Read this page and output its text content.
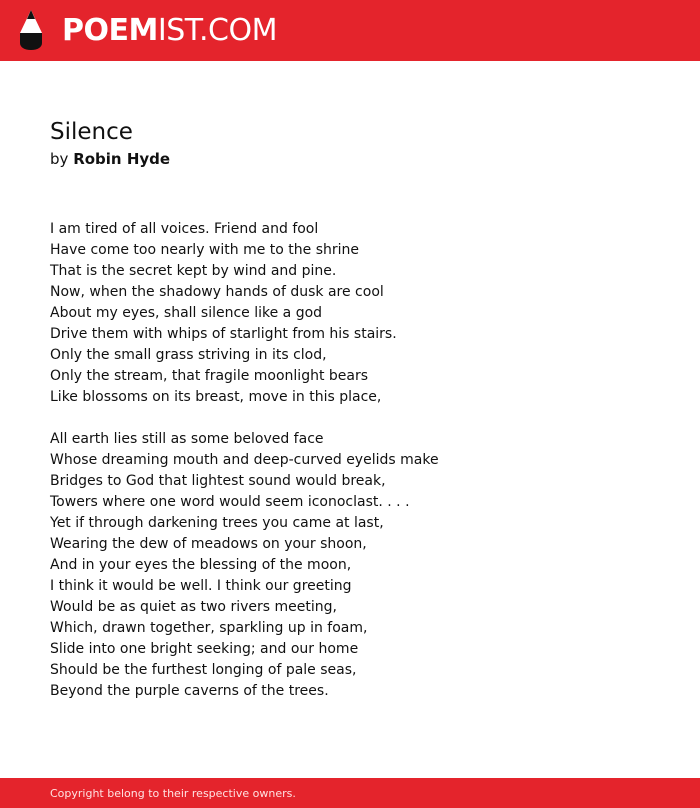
POEMIST.COM
Silence
by Robin Hyde
I am tired of all voices. Friend and fool
Have come too nearly with me to the shrine
That is the secret kept by wind and pine.
Now, when the shadowy hands of dusk are cool
About my eyes, shall silence like a god
Drive them with whips of starlight from his stairs.
Only the small grass striving in its clod,
Only the stream, that fragile moonlight bears
Like blossoms on its breast, move in this place,
All earth lies still as some beloved face
Whose dreaming mouth and deep-curved eyelids make
Bridges to God that lightest sound would break,
Towers where one word would seem iconoclast. . . .
Yet if through darkening trees you came at last,
Wearing the dew of meadows on your shoon,
And in your eyes the blessing of the moon,
I think it would be well. I think our greeting
Would be as quiet as two rivers meeting,
Which, drawn together, sparkling up in foam,
Slide into one bright seeking; and our home
Should be the furthest longing of pale seas,
Beyond the purple caverns of the trees.
Copyright belong to their respective owners.
